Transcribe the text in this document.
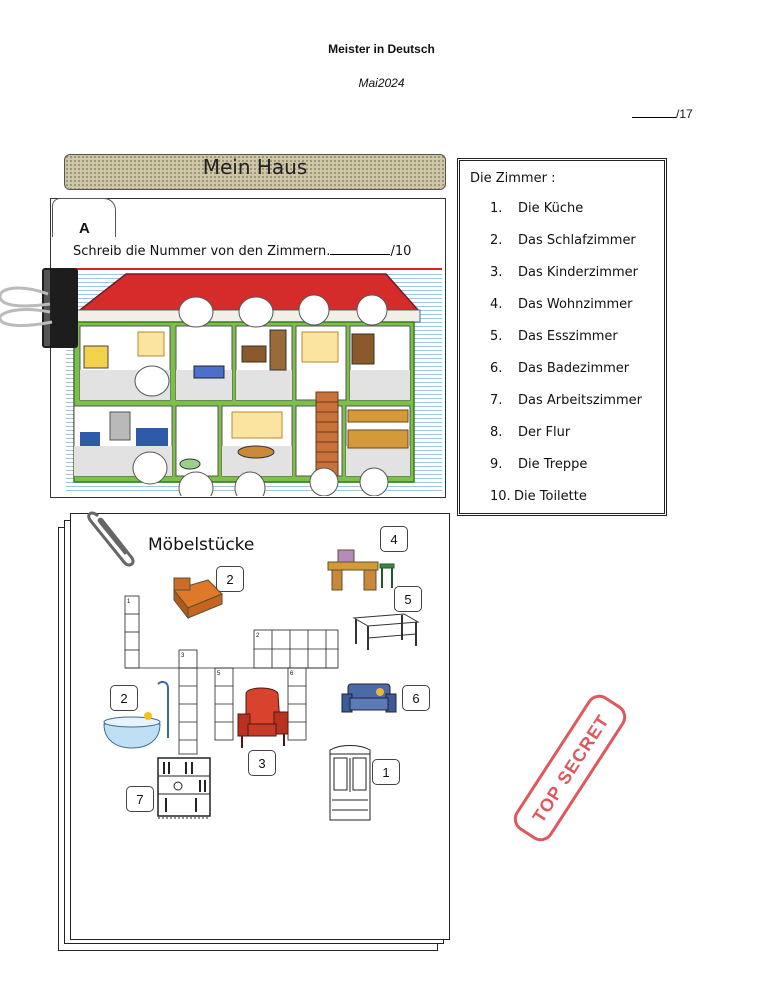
Meister in Deutsch
Mai2024
/17
Mein Haus
A
Schreib die Nummer von den Zimmern.	/10
Die Zimmer :
1. Die Küche
2. Das Schlafzimmer
3. Das Kinderzimmer
4. Das Wohnzimmer
5. Das Esszimmer
6. Das Badezimmer
7. Das Arbeitszimmer
8. Der Flur
9. Die Treppe
10. Die Toilette
Möbelstücke
1
2
3
5	6
2
4
5
2	6
3
1
7	TOP SECRET
